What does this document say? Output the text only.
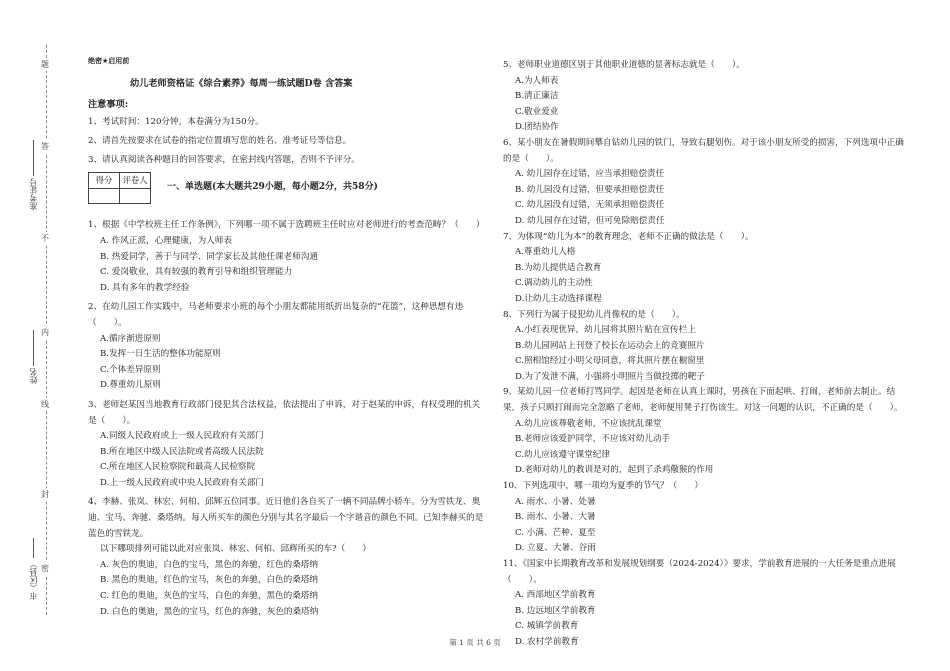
题
答
不
内
线
封
密
准考证号
姓名
市（区县）
绝密★启用前
幼儿老师资格证《综合素养》每周一练试题D卷 含答案
注意事项:

1、考试时间：120分钟，本卷满分为150分。

2、请首先按要求在试卷的指定位置填写您的姓名、准考证号等信息。

3、请认真阅读各种题目的回答要求，在密封线内答题，否则不予评分。

得分	评卷人

一、单选题(本大题共29小题，每小题2分，共58分)
1、根据《中学校班主任工作条例》，下列哪一项不属于选聘班主任时应对老师进行的考查范畴？（　　）
A. 作风正派，心理健康，为人师表
B. 热爱同学，善于与同学、同学家长及其他任课老师沟通
C. 爱岗敬业，具有较强的教育引导和组织管理能力
D. 具有多年的教学经验
2、在幼儿园工作实践中，马老师要求小班的每个小朋友都能用纸折出复杂的“花篮”，这种思想有违（　　）。
A.循序渐进原则
B.发挥一日生活的整体功能原则
C.个体差异原则
D.尊重幼儿原则
3、老师赵某因当地教育行政部门侵犯其合法权益，依法提出了申诉，对于赵某的申诉，有权受理的机关是（　　）。
A.同级人民政府或上一级人民政府有关部门
B.所在地区中级人民法院或者高级人民法院
C.所在地区人民检察院和最高人民检察院
D.上一级人民政府或中央人民政府有关部门
4、李赫、张岚、林宏、何柏、邱辉五位同事。近日他们各自买了一辆不同品牌小轿车。分为雪铁龙、奥迪、宝马、奔驰、桑塔纳。每人所买车的颜色分别与其名字最后一个字谐音的颜色不同。已知李赫买的是蓝色的雪铁龙。
以下哪项排列可能以此对应张岚、林宏、何柏、邱辉所买的车?（　　）
A. 灰色的奥迪，白色的宝马，黑色的奔驰，红色的桑塔纳
B. 黑色的奥迪，红色的宝马，灰色的奔驰，白色的桑塔纳
C. 红色的奥迪，灰色的宝马，白色的奔驰，黑色的桑塔纳
D. 白色的奥迪，黑色的宝马，红色的奔驰，灰色的桑塔纳
5、老师职业道德区别于其他职业道德的显著标志就是（　　）。
A.为人师表
B.清正廉洁
C.敬业爱业
D.团结协作
6、某小朋友在暑假期间攀自钻幼儿园的铁门，导致右腿划伤。对于该小朋友所受的损害，下列选项中正确的是（　　）。
A. 幼儿园存在过错，应当承担赔偿责任
B. 幼儿园没有过错，但要承担赔偿责任
C. 幼儿园没有过错，无须承担赔偿责任
D. 幼儿园存在过错，但可免除赔偿责任
7、为体现“幼儿为本”的教育理念，老师不正确的做法是（　　）。
A.尊重幼儿人格
B.为幼儿提供适合教育
C.调动幼儿的主动性
D.让幼儿主动选择课程
8、下列行为属于侵犯幼儿肖像权的是（　　）。
A.小红表现优异，幼儿园将其照片贴在宣传栏上
B.幼儿园网站上刊登了校长在运动会上的竞赛照片
C.照相馆经过小明父母同意，将其照片摆在橱窗里
D.为了发泄不满，小强将小明照片当做投掷的靶子
9、某幼儿园一位老师打骂同学。起因是老师在认真上课时，男孩在下面起哄、打闹，老师前去制止。结果，孩子只顾打闹而完全忽略了老师，老师便用凳子打伤该生。对这一问题的认识，不正确的是（　　）。
A.幼儿应该尊敬老师，不应该扰乱课堂
B.老师应该爱护同学，不应该对幼儿动手
C.幼儿应该遵守课堂纪律
D.老师对幼儿的教训是对的，起到了杀鸡儆猴的作用
10、下列选项中，哪一项均为夏季的节气？（　　）
A. 雨水、小暑、处暑
B. 雨水、小暑、大暑
C. 小满、芒种、夏至
D. 立夏、大暑、谷雨
11、《国家中长期教育改革和发展规划纲要（2024-2024）》要求，学前教育进展的一大任务是重点进展（　　）。
A. 西部地区学前教育
B. 边远地区学前教育
C. 城镇学前教育
D. 农村学前教育
第 1 页 共 6 页
